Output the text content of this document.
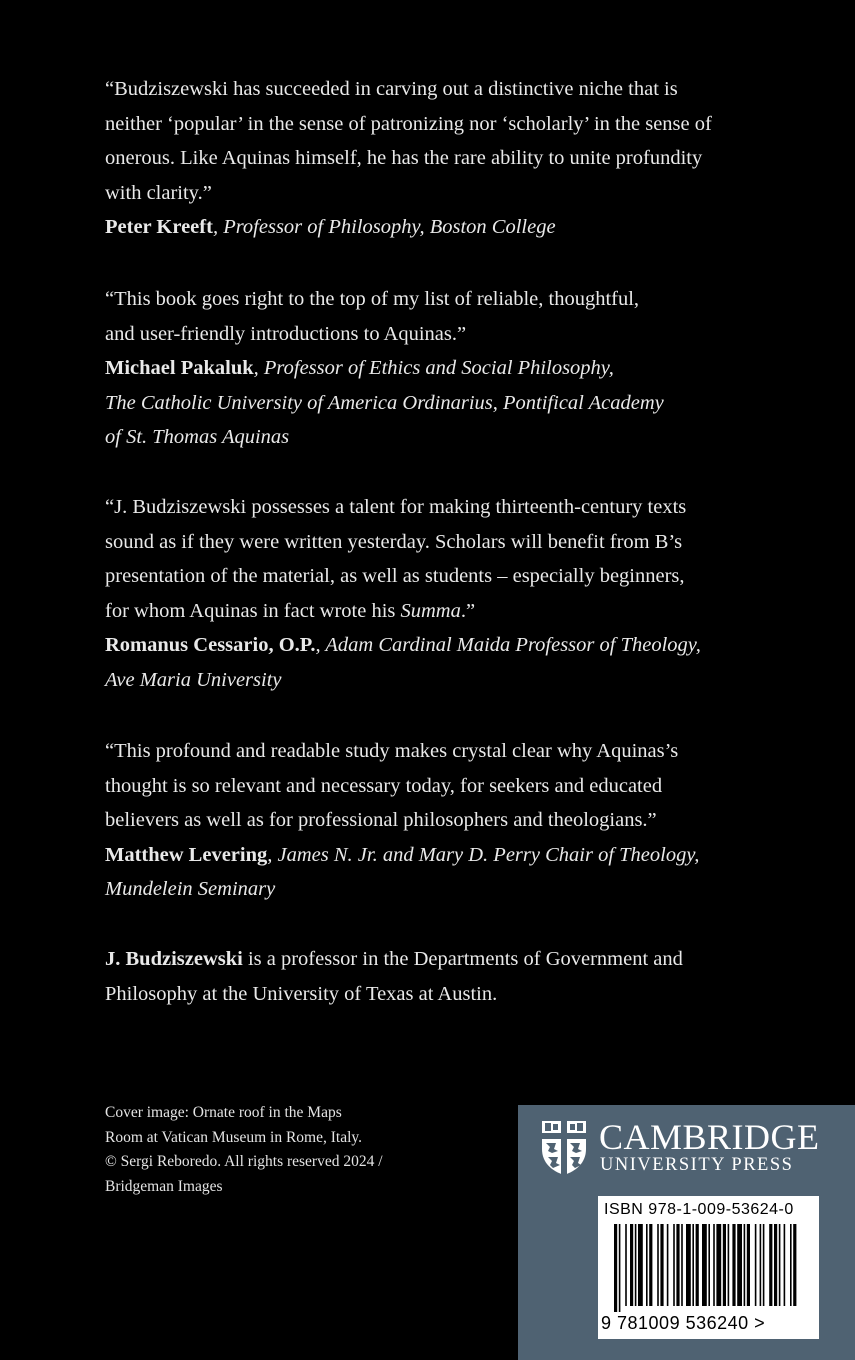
“Budziszewski has succeeded in carving out a distinctive niche that is

neither ‘popular’ in the sense of patronizing nor ‘scholarly’ in the sense of

onerous. Like Aquinas himself, he has the rare ability to unite profundity

with clarity.”

Peter Kreeft, Professor of Philosophy, Boston College

“This book goes right to the top of my list of reliable, thoughtful,

and user-friendly introductions to Aquinas.”

Michael Pakaluk, Professor of Ethics and Social Philosophy,

The Catholic University of America Ordinarius, Pontifical Academy

of St. Thomas Aquinas

“J. Budziszewski possesses a talent for making thirteenth-century texts

sound as if they were written yesterday. Scholars will benefit from B’s

presentation of the material, as well as students – especially beginners,

for whom Aquinas in fact wrote his Summa.”

Romanus Cessario, O.P., Adam Cardinal Maida Professor of Theology,

Ave Maria University

“This profound and readable study makes crystal clear why Aquinas’s

thought is so relevant and necessary today, for seekers and educated

believers as well as for professional philosophers and theologians.”

Matthew Levering, James N. Jr. and Mary D. Perry Chair of Theology,

Mundelein Seminary

J. Budziszewski is a professor in the Departments of Government and
Philosophy at the University of Texas at Austin.
Cover image: Ornate roof in the Maps
Room at Vatican Museum in Rome, Italy.
© Sergi Reboredo. All rights reserved 2024 /
Bridgeman Images
CAMBRIDGE
UNIVERSITY PRESS
ISBN 978-1-009-53624-0
9 781009 536240 >
